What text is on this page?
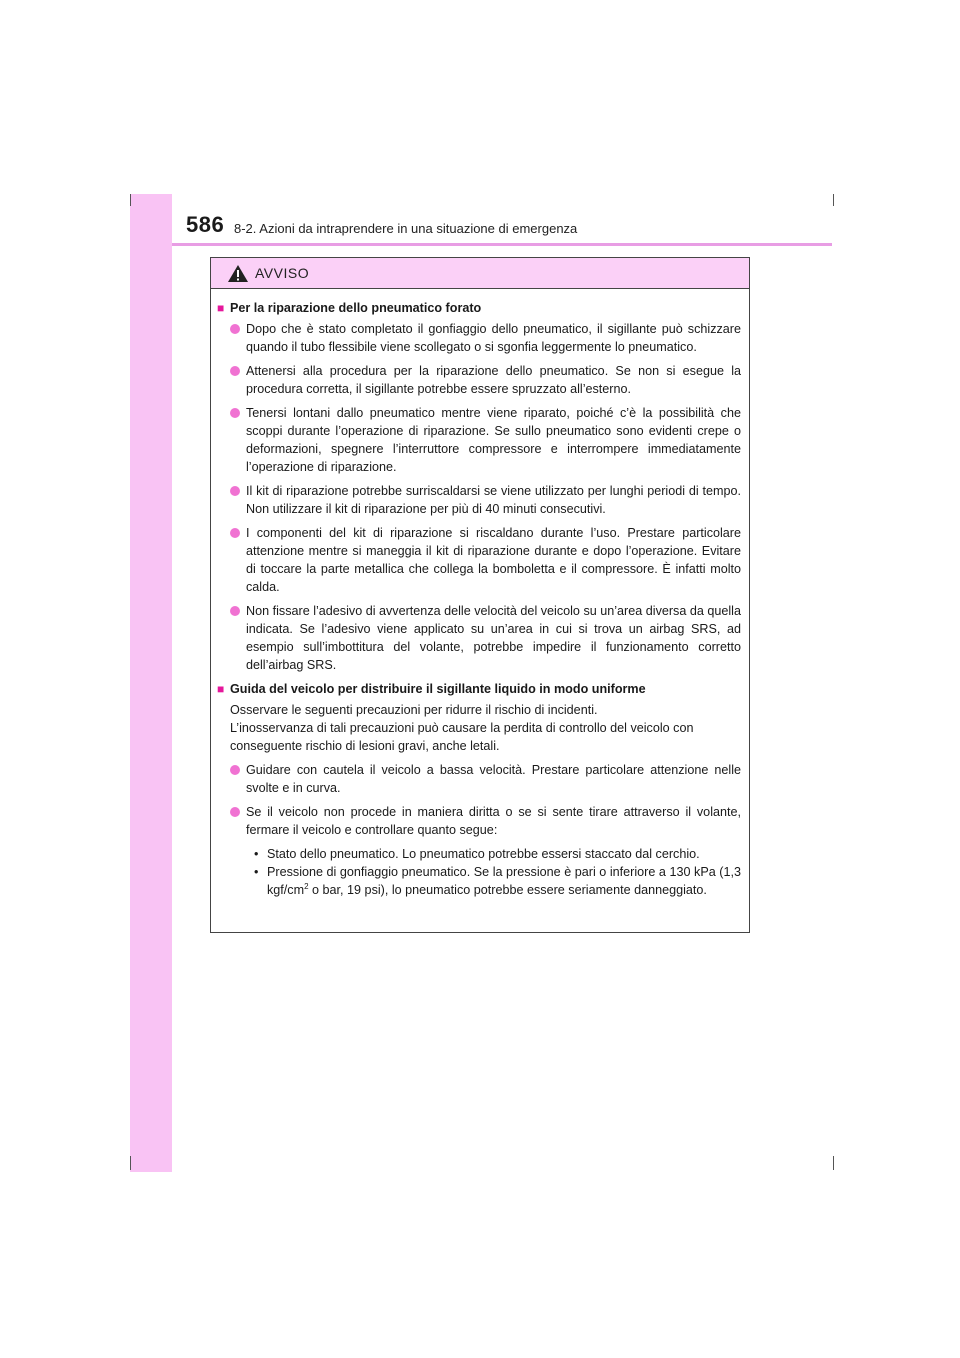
586 8-2. Azioni da intraprendere in una situazione di emergenza
AVVISO
■ Per la riparazione dello pneumatico forato
Dopo che è stato completato il gonfiaggio dello pneumatico, il sigillante può schizzare quando il tubo flessibile viene scollegato o si sgonfia leggermente lo pneumatico.
Attenersi alla procedura per la riparazione dello pneumatico. Se non si esegue la procedura corretta, il sigillante potrebbe essere spruzzato all’esterno.
Tenersi lontani dallo pneumatico mentre viene riparato, poiché c’è la possibilità che scoppi durante l’operazione di riparazione. Se sullo pneumatico sono evidenti crepe o deformazioni, spegnere l’interruttore compressore e interrompere immediatamente l’operazione di riparazione.
Il kit di riparazione potrebbe surriscaldarsi se viene utilizzato per lunghi periodi di tempo. Non utilizzare il kit di riparazione per più di 40 minuti consecutivi.
I componenti del kit di riparazione si riscaldano durante l’uso. Prestare particolare attenzione mentre si maneggia il kit di riparazione durante e dopo l’operazione. Evitare di toccare la parte metallica che collega la bomboletta e il compressore. È infatti molto calda.
Non fissare l’adesivo di avvertenza delle velocità del veicolo su un’area diversa da quella indicata. Se l’adesivo viene applicato su un’area in cui si trova un airbag SRS, ad esempio sull’imbottitura del volante, potrebbe impedire il funzionamento corretto dell’airbag SRS.
■ Guida del veicolo per distribuire il sigillante liquido in modo uniforme
Osservare le seguenti precauzioni per ridurre il rischio di incidenti.
L’inosservanza di tali precauzioni può causare la perdita di controllo del veicolo con conseguente rischio di lesioni gravi, anche letali.
Guidare con cautela il veicolo a bassa velocità. Prestare particolare attenzione nelle svolte e in curva.
Se il veicolo non procede in maniera diritta o se si sente tirare attraverso il volante, fermare il veicolo e controllare quanto segue:
• Stato dello pneumatico. Lo pneumatico potrebbe essersi staccato dal cerchio.
• Pressione di gonfiaggio pneumatico. Se la pressione è pari o inferiore a 130 kPa (1,3 kgf/$cm^2$ o bar, 19 psi), lo pneumatico potrebbe essere seriamente danneggiato.
